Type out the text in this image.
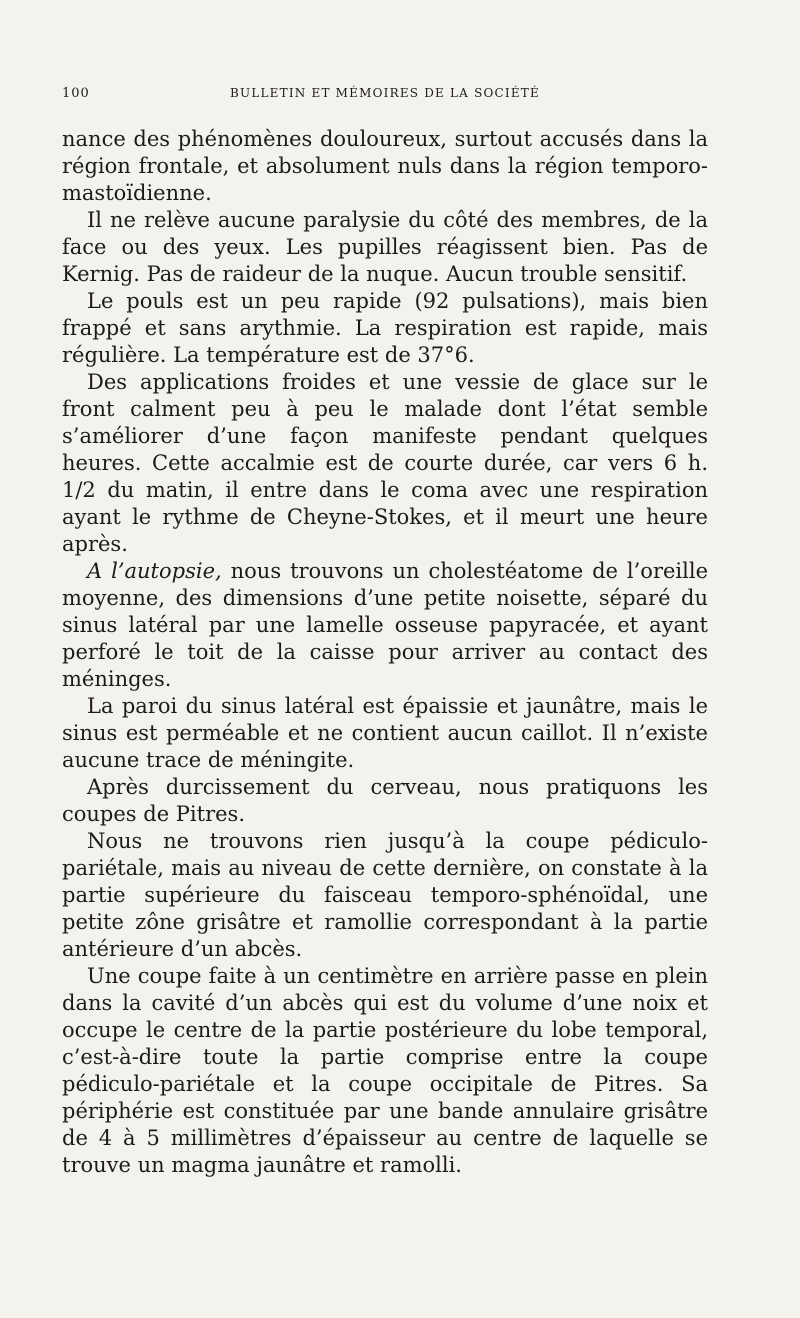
100	BULLETIN ET MÉMOIRES DE LA SOCIÉTÉ

nance des phénomènes douloureux, surtout accusés dans la région frontale, et absolument nuls dans la région temporo-mastoïdienne.

Il ne relève aucune paralysie du côté des membres, de la face ou des yeux. Les pupilles réagissent bien. Pas de Kernig. Pas de raideur de la nuque. Aucun trouble sensitif.

Le pouls est un peu rapide (92 pulsations), mais bien frappé et sans arythmie. La respiration est rapide, mais régulière. La température est de 37°6.

Des applications froides et une vessie de glace sur le front calment peu à peu le malade dont l’état semble s’améliorer d’une façon manifeste pendant quelques heures. Cette accalmie est de courte durée, car vers 6 h. 1/2 du matin, il entre dans le coma avec une respiration ayant le rythme de Cheyne-Stokes, et il meurt une heure après.

A l’autopsie, nous trouvons un cholestéatome de l’oreille moyenne, des dimensions d’une petite noisette, séparé du sinus latéral par une lamelle osseuse papyracée, et ayant perforé le toit de la caisse pour arriver au contact des méninges.

La paroi du sinus latéral est épaissie et jaunâtre, mais le sinus est perméable et ne contient aucun caillot. Il n’existe aucune trace de méningite.

Après durcissement du cerveau, nous pratiquons les coupes de Pitres.

Nous ne trouvons rien jusqu’à la coupe pédiculo-pariétale, mais au niveau de cette dernière, on constate à la partie supérieure du faisceau temporo-sphénoïdal, une petite zône grisâtre et ramollie correspondant à la partie antérieure d’un abcès.

Une coupe faite à un centimètre en arrière passe en plein dans la cavité d’un abcès qui est du volume d’une noix et occupe le centre de la partie postérieure du lobe temporal, c’est-à-dire toute la partie comprise entre la coupe pédiculo-pariétale et la coupe occipitale de Pitres. Sa périphérie est constituée par une bande annulaire grisâtre de 4 à 5 millimètres d’épaisseur au centre de laquelle se trouve un magma jaunâtre et ramolli.
